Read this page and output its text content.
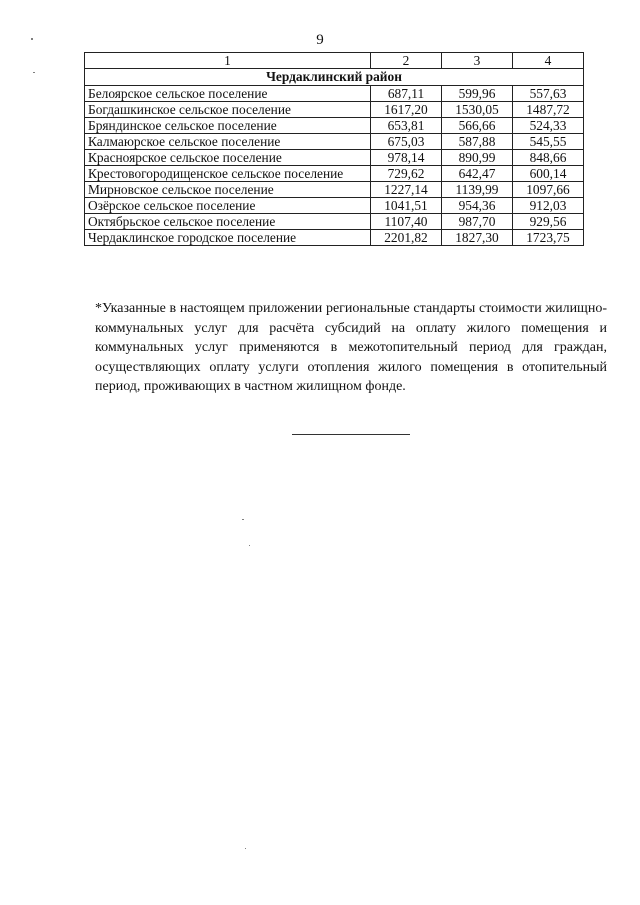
9
1	2	3	4
Чердаклинский район			
Белоярское сельское поселение	687,11	599,96	557,63
Богдашкинское сельское поселение	1617,20	1530,05	1487,72
Бряндинское сельское поселение	653,81	566,66	524,33
Калмаюрское сельское поселение	675,03	587,88	545,55
Красноярское сельское поселение	978,14	890,99	848,66
Крестовогородищенское сельское поселение	729,62	642,47	600,14
Мирновское сельское поселение	1227,14	1139,99	1097,66
Озёрское сельское поселение	1041,51	954,36	912,03
Октябрьское сельское поселение	1107,40	987,70	929,56
Чердаклинское городское поселение	2201,82	1827,30	1723,75

*Указанные в настоящем приложении региональные стандарты стоимости жилищно-коммунальных услуг для расчёта субсидий на оплату жилого помещения и коммунальных услуг применяются в межотопительный период для граждан, осуществляющих оплату услуги отопления жилого помещения в отопительный период, проживающих в частном жилищном фонде.
